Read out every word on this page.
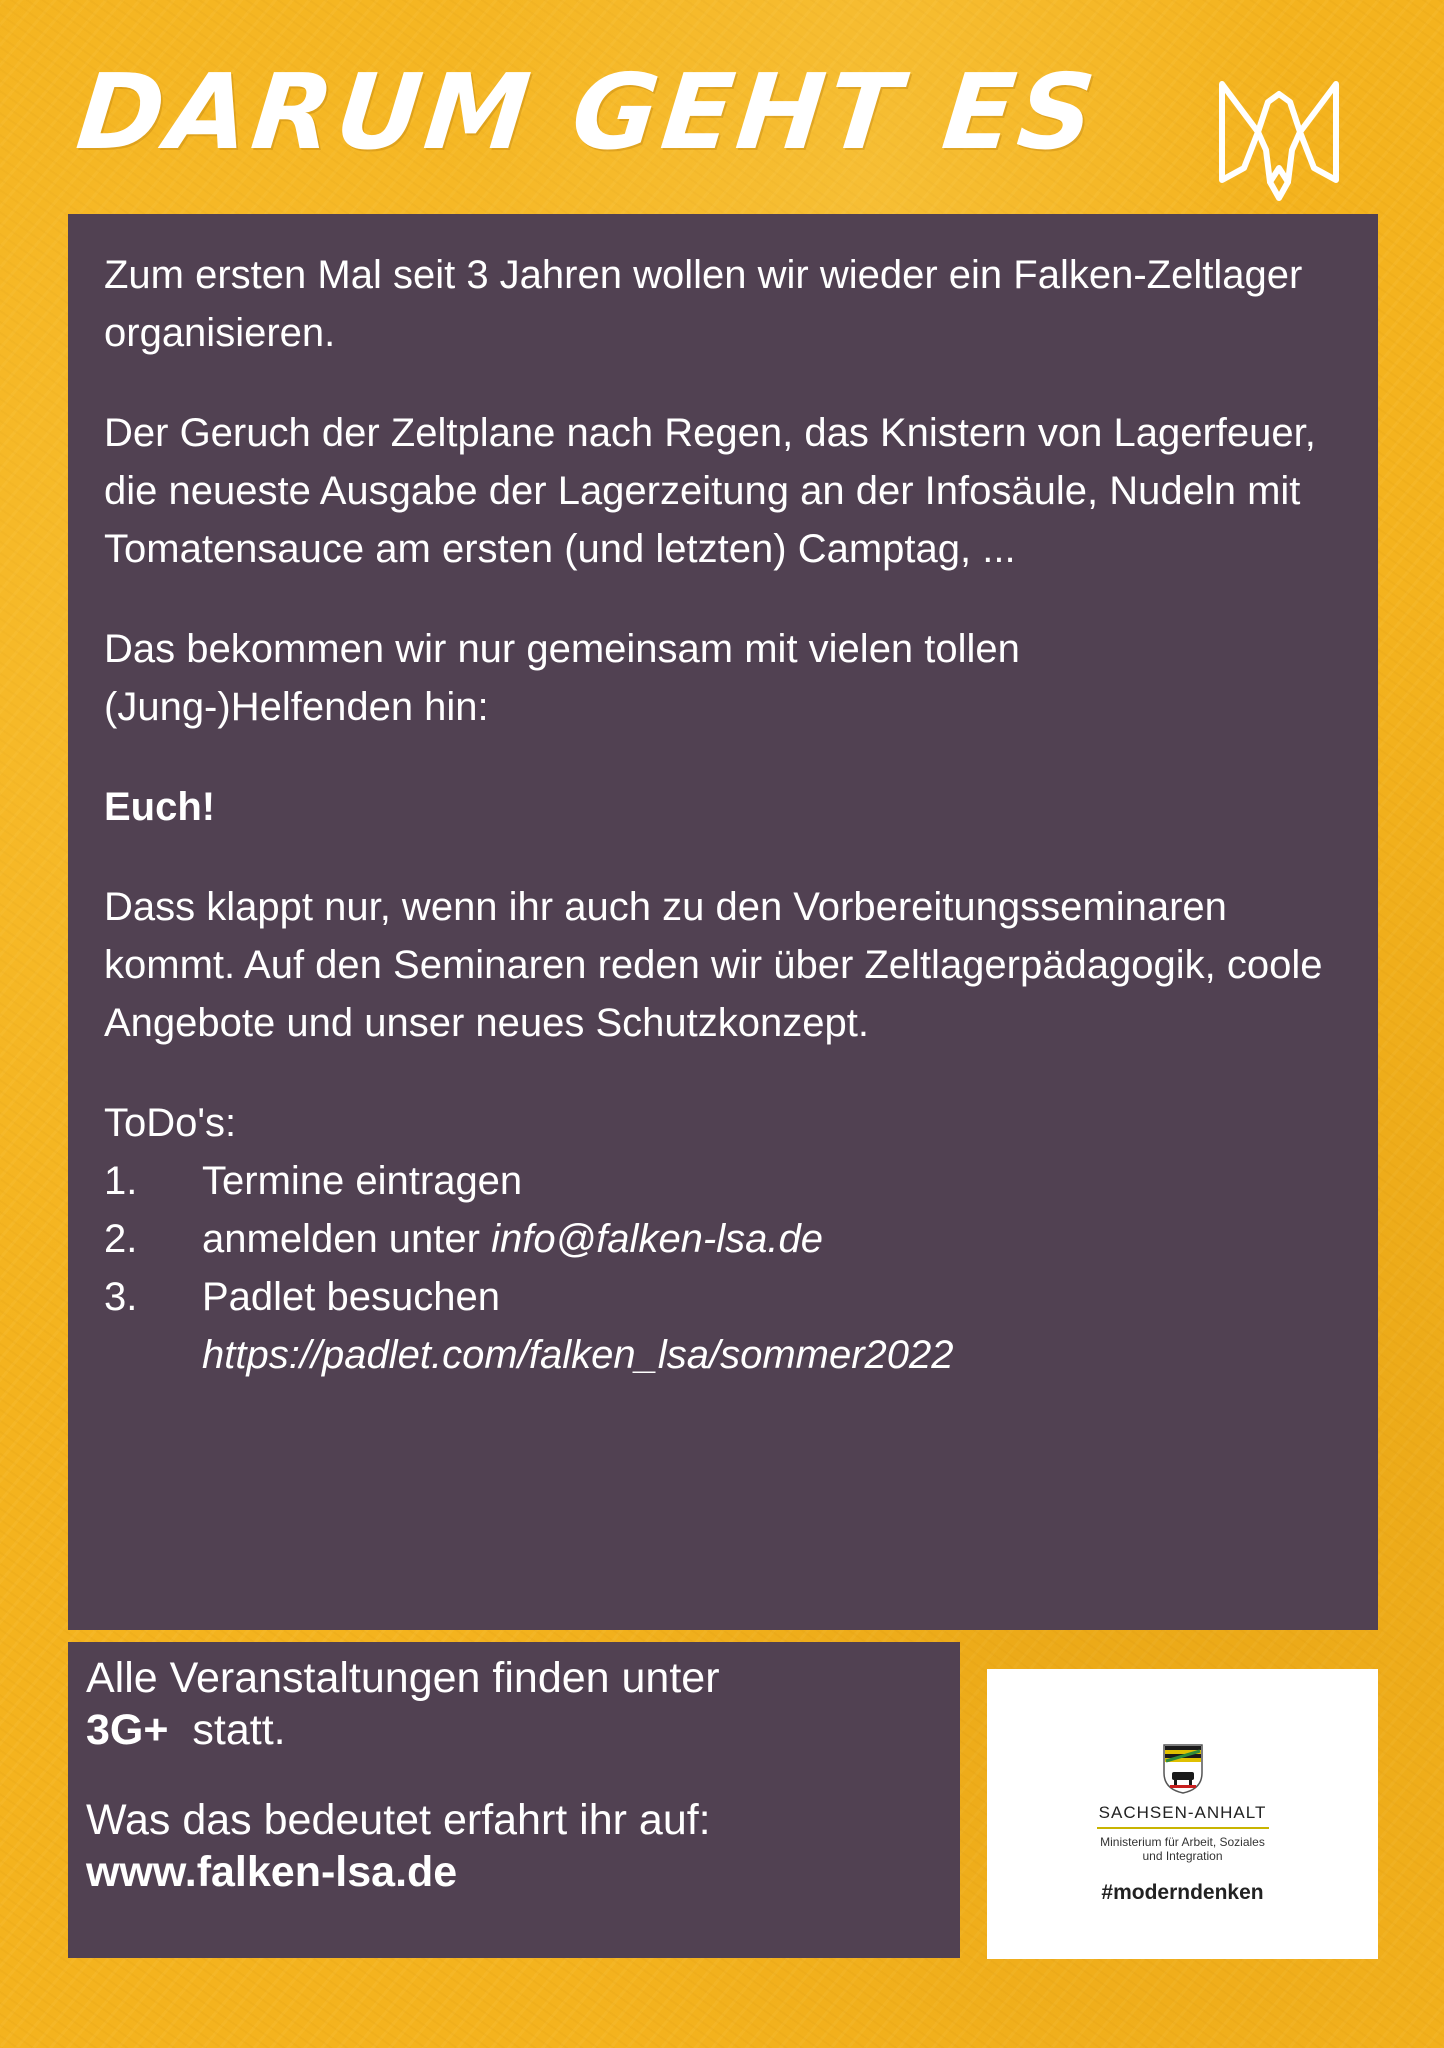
DARUM GEHT ES

Zum ersten Mal seit 3 Jahren wollen wir wieder ein Falken-Zeltlager organisieren.

Der Geruch der Zeltplane nach Regen, das Knistern von Lagerfeuer, die neueste Ausgabe der Lagerzeitung an der Infosäule, Nudeln mit Tomatensauce am ersten (und letzten) Camptag, ...

Das bekommen wir nur gemeinsam mit vielen tollen (Jung-)Helfenden hin:

Euch!

Dass klappt nur, wenn ihr auch zu den Vorbereitungsseminaren kommt. Auf den Seminaren reden wir über Zeltlagerpädagogik, coole Angebote und unser neues Schutzkonzept.

ToDo's:
1.	Termine eintragen
2.	anmelden unter info@falken-lsa.de
3.	Padlet besuchen
https://padlet.com/falken_lsa/sommer2022

Alle Veranstaltungen finden unter
3G+ statt.

Was das bedeutet erfahrt ihr auf:
www.falken-lsa.de

SACHSEN-ANHALT
Ministerium für Arbeit, Soziales und Integration
#moderndenken
